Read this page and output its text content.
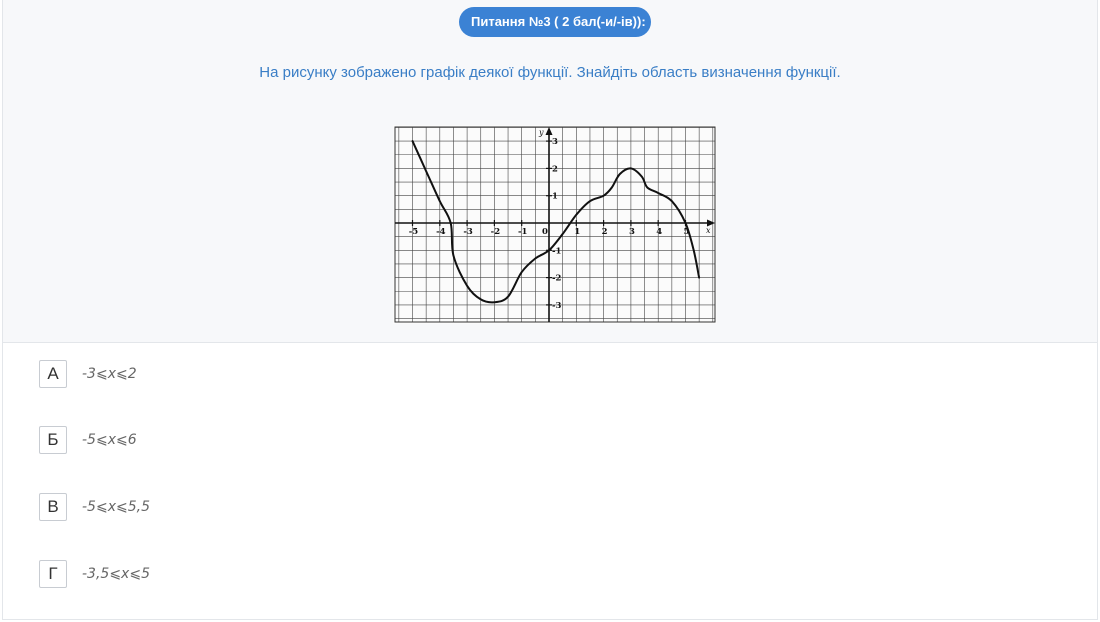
Питання №3 ( 2 бал(-и/-ів)):
На рисунку зображено графік деякої функції. Знайдіть область визначення функції.
-5 -4 -3 -2 -1 0	1	2	3	4	5
3
2
1
-1
-2
-3
x
y
А	-3⩽x⩽2
Б	-5⩽x⩽6
В	-5⩽x⩽5,5
Г	-3,5⩽x⩽5
